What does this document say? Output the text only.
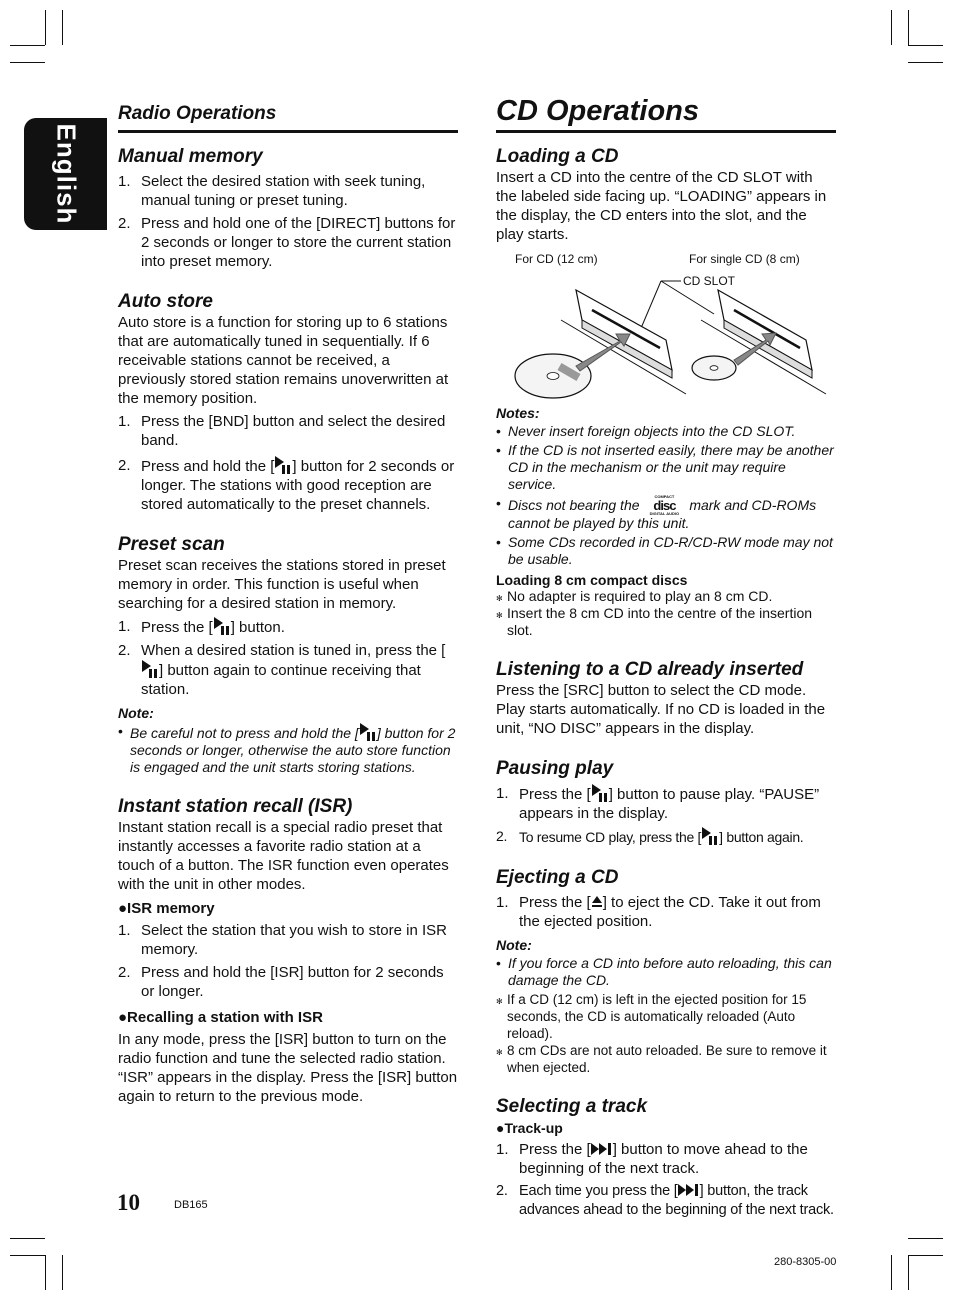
English
Radio Operations
Manual memory
1. Select the desired station with seek tuning, manual tuning or preset tuning.
2. Press and hold one of the [DIRECT] buttons for 2 seconds or longer to store the current station into preset memory.
Auto store

Auto store is a function for storing up to 6 stations that are automatically tuned in sequentially. If 6 receivable stations cannot be received, a previously stored station remains unoverwritten at the memory position.

1. Press the [BND] button and select the desired band.
2. Press and hold the [ ] button for 2 seconds or longer. The stations with good reception are stored automatically to the preset channels.
Preset scan

Preset scan receives the stations stored in preset memory in order. This function is useful when searching for a desired station in memory.

1. Press the [ ] button.
2. When a desired station is tuned in, press the [
] button again to continue receiving that station.
Note:
• Be careful not to press and hold the [ ] button for 2 seconds or longer, otherwise the auto store function is engaged and the unit starts storing stations.
Instant station recall (ISR)

Instant station recall is a special radio preset that instantly accesses a favorite radio station at a touch of a button. The ISR function even operates with the unit in other modes.

●ISR memory
1. Select the station that you wish to store in ISR memory.
2. Press and hold the [ISR] button for 2 seconds or longer.
●Recalling a station with ISR

In any mode, press the [ISR] button to turn on the radio function and tune the selected radio station. “ISR” appears in the display. Press the [ISR] button again to return to the previous mode.

CD Operations
Loading a CD

Insert a CD into the centre of the CD SLOT with the labeled side facing up. “LOADING” appears in the display, the CD enters into the slot, and the play starts.

Notes:
• Never insert foreign objects into the CD SLOT.
• If the CD is not inserted easily, there may be another CD in the mechanism or the unit may require service.
• Discs not bearing the
COMPACT
disc
DIGITAL AUDIO
mark and CD-ROMs cannot be played by this unit.
• Some CDs recorded in CD-R/CD-RW mode may not be usable.
Loading 8 cm compact discs
✻ No adapter is required to play an 8 cm CD.
✻ Insert the 8 cm CD into the centre of the insertion slot.
Listening to a CD already inserted

Press the [SRC] button to select the CD mode. Play starts automatically. If no CD is loaded in the unit, “NO DISC” appears in the display.

Pausing play
1. Press the [ ] button to pause play. “PAUSE” appears in the display.
2. To resume CD play, press the [ ] button again.
Ejecting a CD
1. Press the [ ] to eject the CD. Take it out from the ejected position.
Note:
• If you force a CD into before auto reloading, this can damage the CD.
✻ If a CD (12 cm) is left in the ejected position for 15 seconds, the CD is automatically reloaded (Auto reload).
✻ 8 cm CDs are not auto reloaded. Be sure to remove it when ejected.
Selecting a track
●Track-up
1. Press the [ ] button to move ahead to the beginning of the next track.
2. Each time you press the [ ] button, the track advances ahead to the beginning of the next track.
For CD (12 cm)	For single CD (8 cm)
CD SLOT
10	DB165
280-8305-00
